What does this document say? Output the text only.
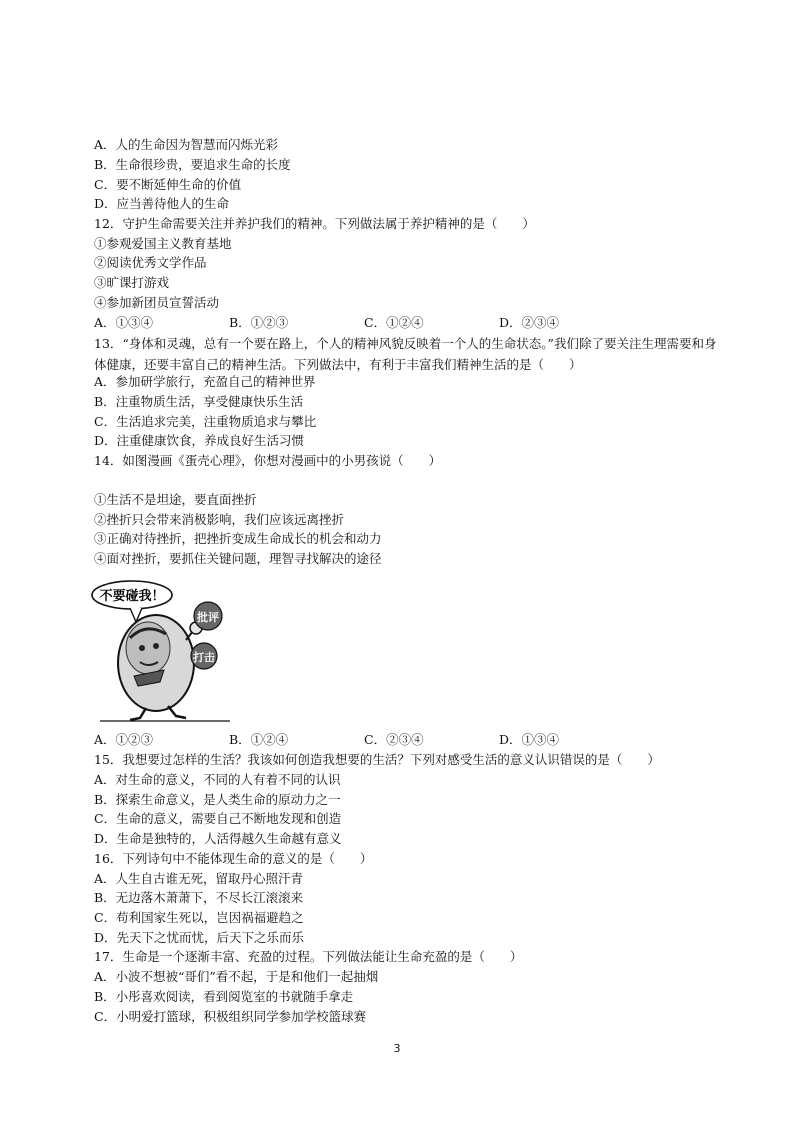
A．人的生命因为智慧而闪烁光彩
B．生命很珍贵，要追求生命的长度
C．要不断延伸生命的价值
D．应当善待他人的生命
12．守护生命需要关注并养护我们的精神。下列做法属于养护精神的是（　　）
①参观爱国主义教育基地
②阅读优秀文学作品
③旷课打游戏
④参加新团员宣誓活动
A．①③④	B．①②③	C．①②④	D．②③④
13．“身体和灵魂，总有一个要在路上，个人的精神风貌反映着一个人的生命状态。”我们除了要关注生理需要和身体健康，还要丰富自己的精神生活。下列做法中，有利于丰富我们精神生活的是（　　）
A．参加研学旅行，充盈自己的精神世界
B．注重物质生活，享受健康快乐生活
C．生活追求完美，注重物质追求与攀比
D．注重健康饮食，养成良好生活习惯
14．如图漫画《蛋壳心理》，你想对漫画中的小男孩说（　　）
①生活不是坦途，要直面挫折
②挫折只会带来消极影响，我们应该远离挫折
③正确对待挫折，把挫折变成生命成长的机会和动力
④面对挫折，要抓住关键问题，理智寻找解决的途径
不要碰我！
批评
打击
A．①②③	B．①②④	C．②③④	D．①③④
15．我想要过怎样的生活？我该如何创造我想要的生活？下列对感受生活的意义认识错误的是（　　）
A．对生命的意义，不同的人有着不同的认识
B．探索生命意义，是人类生命的原动力之一
C．生命的意义，需要自己不断地发现和创造
D．生命是独特的，人活得越久生命越有意义
16．下列诗句中不能体现生命的意义的是（　　）
A．人生自古谁无死，留取丹心照汗青
B．无边落木萧萧下，不尽长江滚滚来
C．苟利国家生死以，岂因祸福避趋之
D．先天下之忧而忧，后天下之乐而乐
17．生命是一个逐渐丰富、充盈的过程。下列做法能让生命充盈的是（　　）
A．小波不想被“哥们”看不起，于是和他们一起抽烟
B．小彤喜欢阅读，看到阅览室的书就随手拿走
C．小明爱打篮球，积极组织同学参加学校篮球赛
3
